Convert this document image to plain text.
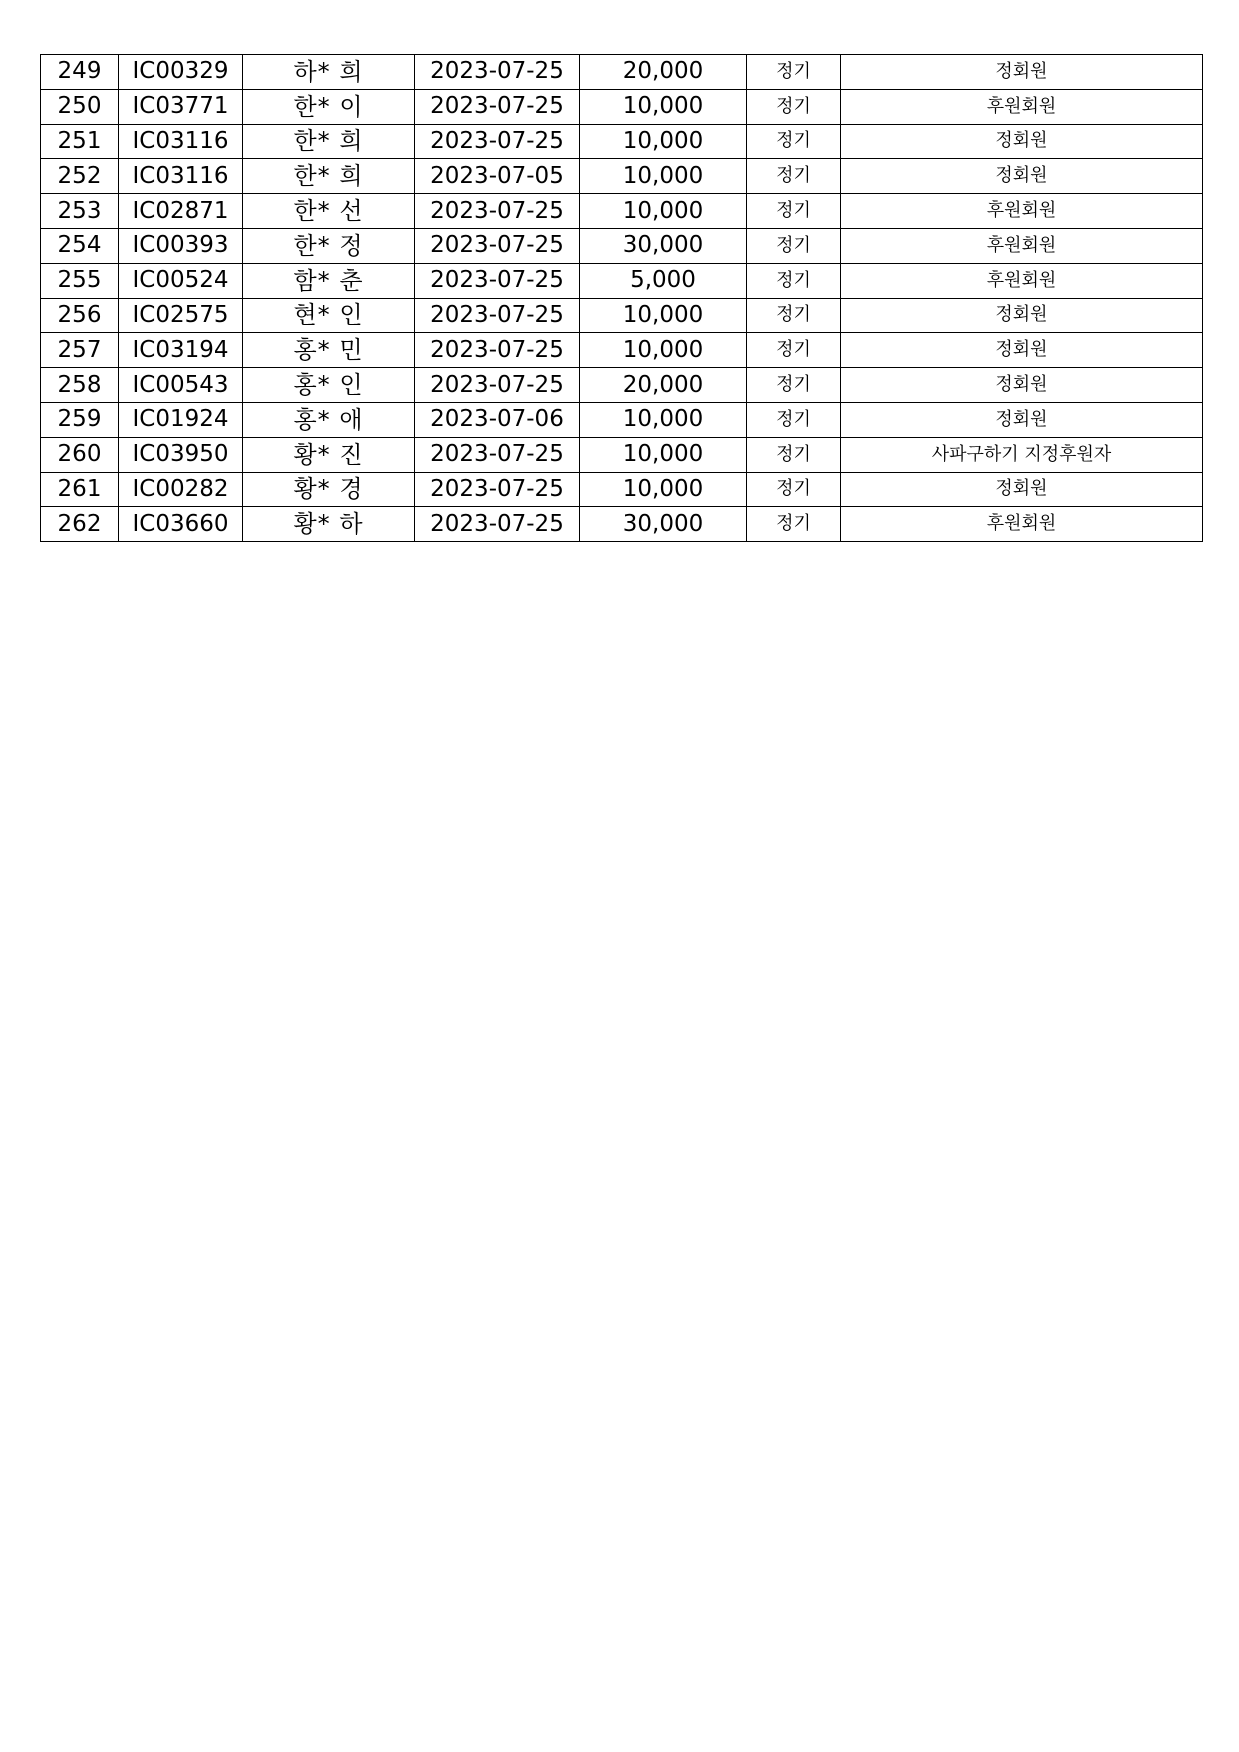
249	IC00329	하* 희	2023-07-25	20,000	정기	정회원
250	IC03771	한* 이	2023-07-25	10,000	정기	후원회원
251	IC03116	한* 희	2023-07-25	10,000	정기	정회원
252	IC03116	한* 희	2023-07-05	10,000	정기	정회원
253	IC02871	한* 선	2023-07-25	10,000	정기	후원회원
254	IC00393	한* 정	2023-07-25	30,000	정기	후원회원
255	IC00524	함* 춘	2023-07-25	5,000	정기	후원회원
256	IC02575	현* 인	2023-07-25	10,000	정기	정회원
257	IC03194	홍* 민	2023-07-25	10,000	정기	정회원
258	IC00543	홍* 인	2023-07-25	20,000	정기	정회원
259	IC01924	홍* 애	2023-07-06	10,000	정기	정회원
260	IC03950	황* 진	2023-07-25	10,000	정기	사파구하기 지정후원자
261	IC00282	황* 경	2023-07-25	10,000	정기	정회원
262	IC03660	황* 하	2023-07-25	30,000	정기	후원회원
